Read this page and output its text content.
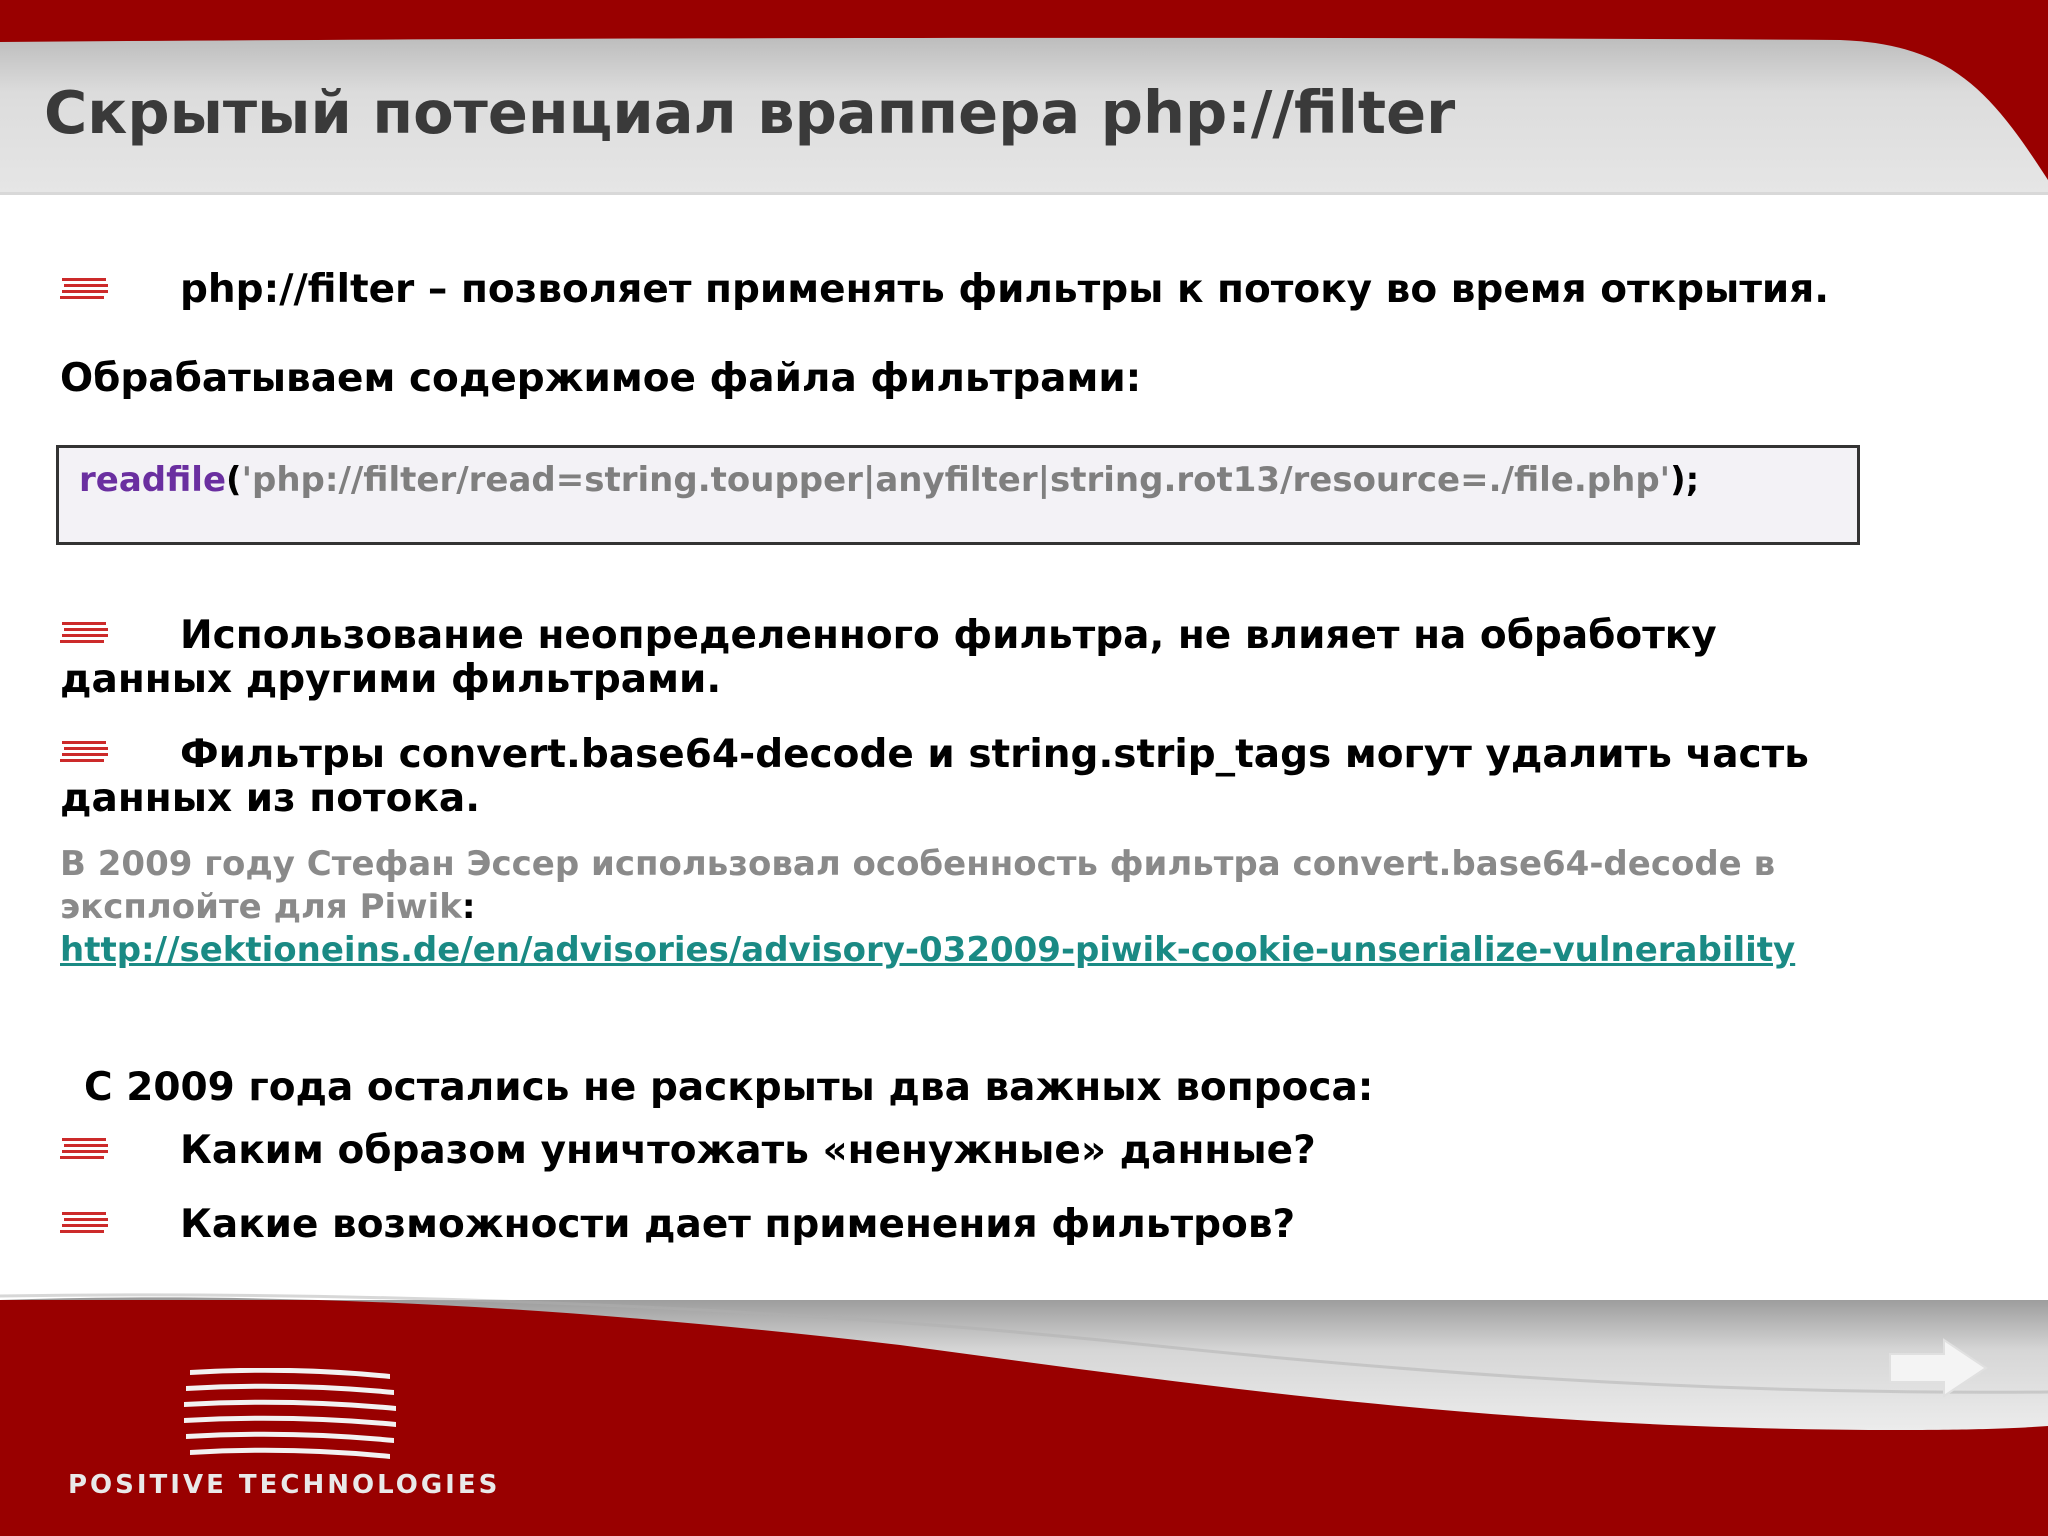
Скрытый потенциал враппера php://filter
php://filter – позволяет применять фильтры к потоку во время открытия.
Обрабатываем содержимое файла фильтрами:
readfile('php://filter/read=string.toupper|anyfilter|string.rot13/resource=./file.php');
Использование неопределенного фильтра, не влияет на обработку
данных другими фильтрами.
Фильтры convert.base64-decode и string.strip_tags могут удалить часть
данных из потока.
В 2009 году Стефан Эссер использовал особенность фильтра convert.base64-decode в
эксплойте для Piwik:
http://sektioneins.de/en/advisories/advisory-032009-piwik-cookie-unserialize-vulnerability
С 2009 года остались не раскрыты два важных вопроса:
Каким образом уничтожать «ненужные» данные?
Какие возможности дает применения фильтров?
POSITIVE TECHNOLOGIES
